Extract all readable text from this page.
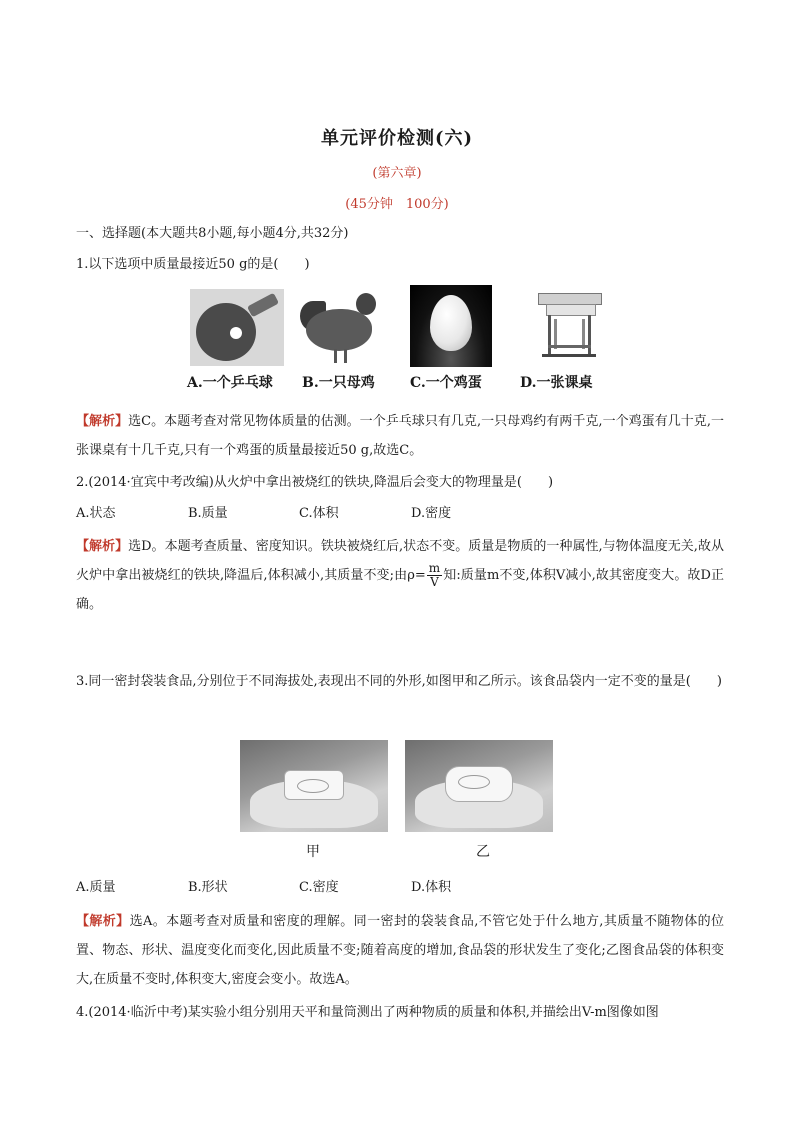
单元评价检测(六)
(第六章)
(45分钟　100分)
一、选择题(本大题共8小题,每小题4分,共32分)
1.以下选项中质量最接近50 g的是(　　)
A.一个乒乓球 B.一只母鸡	C.一个鸡蛋	D.一张课桌
【解析】选C。本题考查对常见物体质量的估测。一个乒乓球只有几克,一只母鸡约有两千克,一个鸡蛋有几十克,一张课桌有十几千克,只有一个鸡蛋的质量最接近50 g,故选C。
2.(2014·宜宾中考改编)从火炉中拿出被烧红的铁块,降温后会变大的物理量是(　　)
A.状态	B.质量	C.体积	D.密度
【解析】选D。本题考查质量、密度知识。铁块被烧红后,状态不变。质量是物质的一种属性,与物体温度无关,故从火炉中拿出被烧红的铁块,降温后,体积减小,其质量不变;由$\rho= \frac{m}{V}$ 知:质量m不变,体积V减小,故其密度变大。故D正确。
3.同一密封袋装食品,分别位于不同海拔处,表现出不同的外形,如图甲和乙所示。该食品袋内一定不变的量是(　　)
甲	乙
A.质量	B.形状	C.密度	D.体积
【解析】选A。本题考查对质量和密度的理解。同一密封的袋装食品,不管它处于什么地方,其质量不随物体的位置、物态、形状、温度变化而变化,因此质量不变;随着高度的增加,食品袋的形状发生了变化;乙图食品袋的体积变大,在质量不变时,体积变大,密度会变小。故选A。
4.(2014·临沂中考)某实验小组分别用天平和量筒测出了两种物质的质量和体积,并描绘出V-m图像如图
